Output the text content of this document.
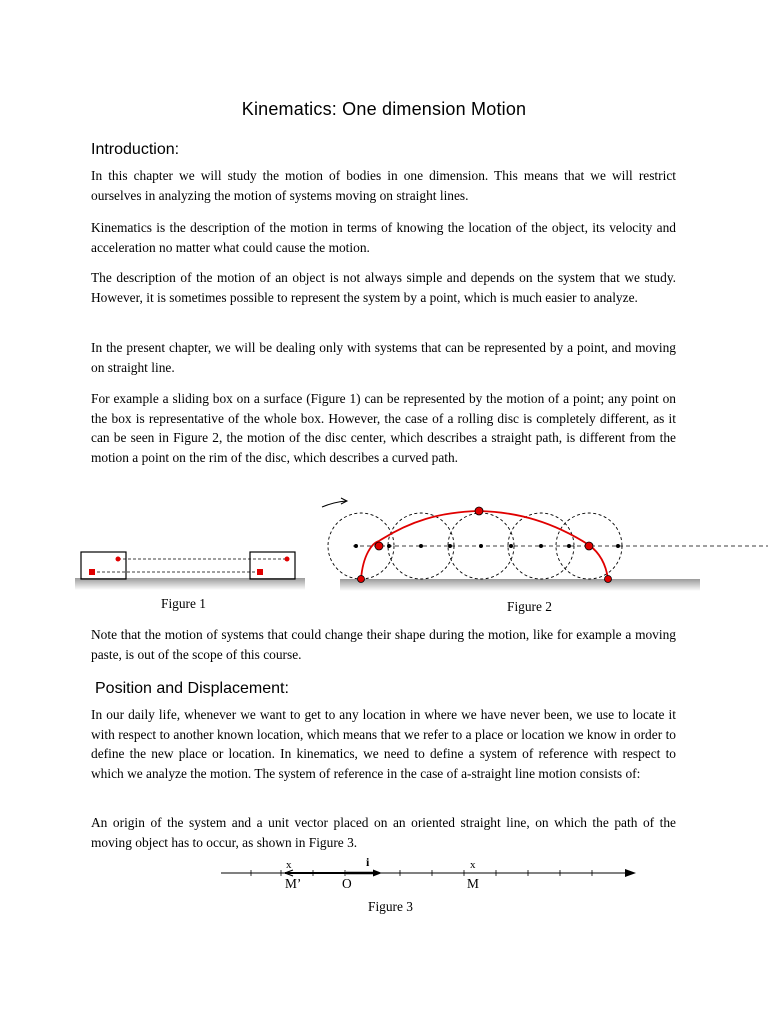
Kinematics: One dimension Motion
Introduction:

In this chapter we will study the motion of bodies in one dimension. This means that we will restrict ourselves in analyzing the motion of systems moving on straight lines.

Kinematics is the description of the motion in terms of knowing the location of the object, its velocity and acceleration no matter what could cause the motion.

The description of the motion of an object is not always simple and depends on the system that we study. However, it is sometimes possible to represent the system by a point, which is much easier to analyze.

In the present chapter, we will be dealing only with systems that can be represented by a point, and moving on straight line.

For example a sliding box on a surface (Figure 1) can be represented by the motion of a point; any point on the box is representative of the whole box. However, the case of a rolling disc is completely different, as it can be seen in Figure 2, the motion of the disc center, which describes a straight path, is different from the motion a point on the rim of the disc, which describes a curved path.

Figure 1	Figure 2

Note that the motion of systems that could change their shape during the motion, like for example a moving paste, is out of the scope of this course.

Position and Displacement:

In our daily life, whenever we want to get to any location in where we have never been, we use to locate it with respect to another known location, which means that we refer to a place or location we know in order to define the new place or location. In kinematics, we need to define a system of reference with respect to which we analyze the motion. The system of reference in the case of a-straight line motion consists of:

An origin of the system and a unit vector placed on an oriented straight line, on which the path of the moving object has to occur, as shown in Figure 3.

x	x
i
M’	O	M
Figure 3
